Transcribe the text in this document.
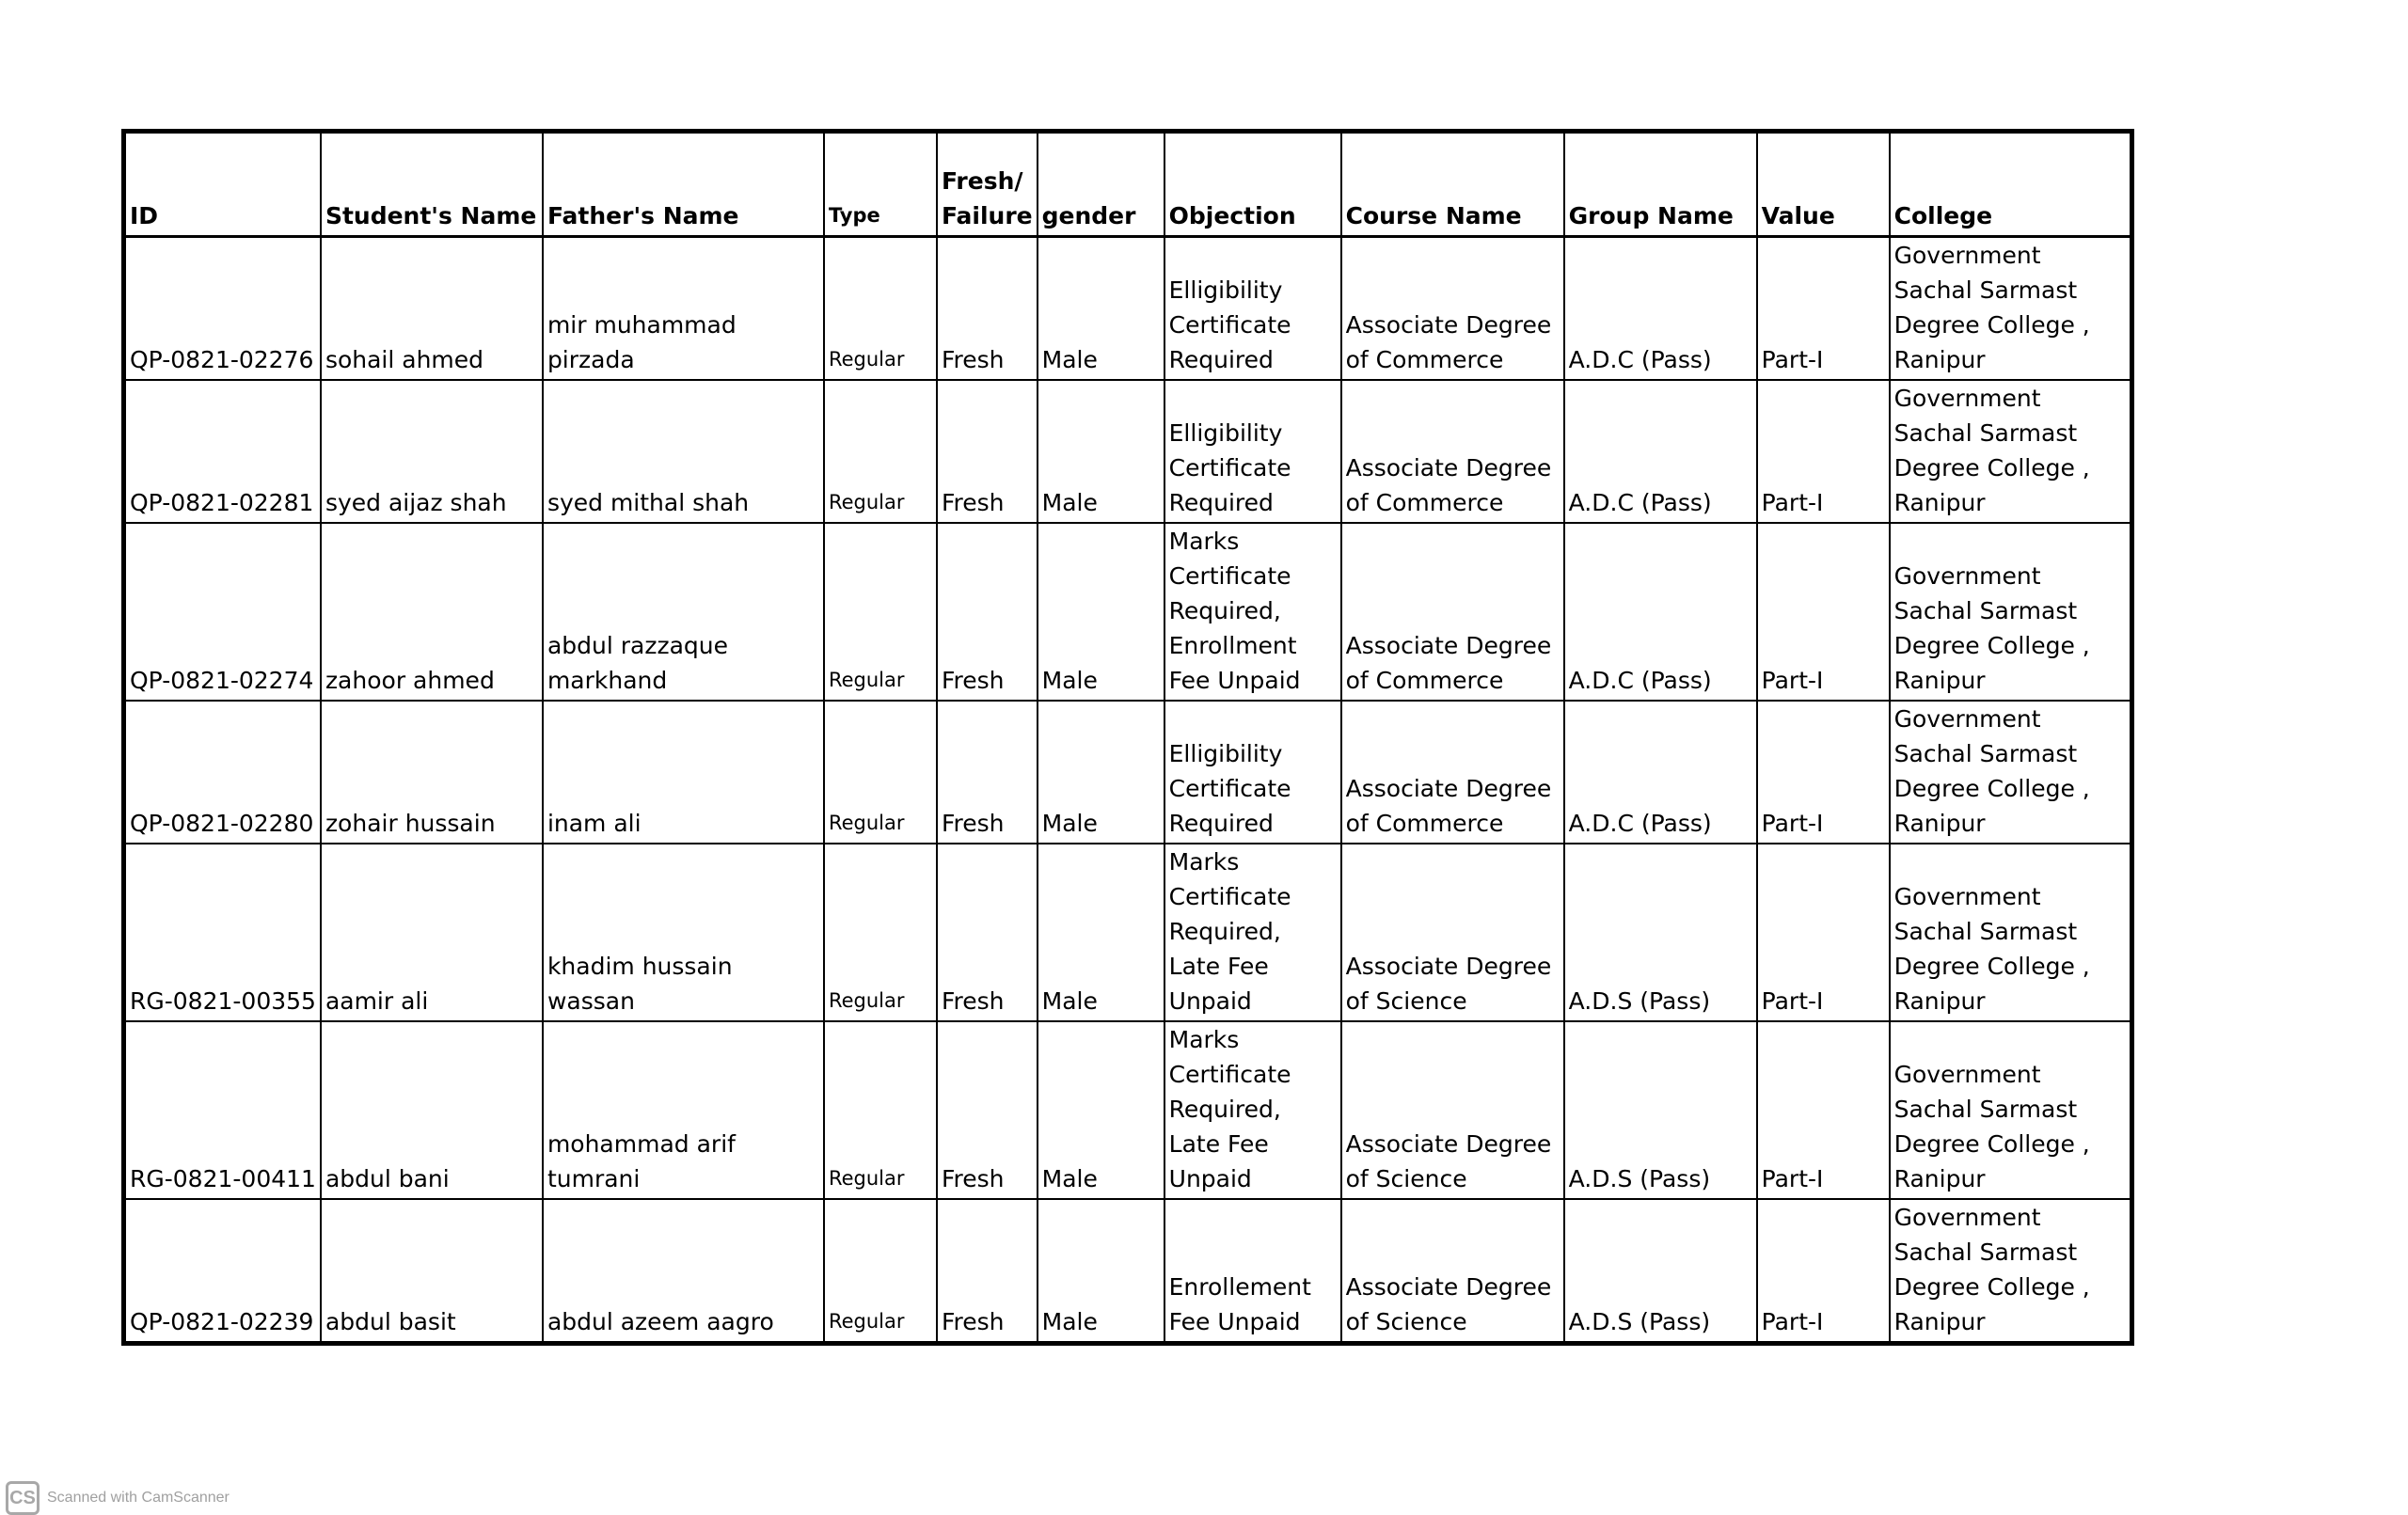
ID	Student's Name	Father's Name	Type	Fresh/ Failure	gender	Objection	Course Name	Group Name	Value	College
QP-0821-02276	sohail ahmed	mir muhammad pirzada	Regular	Fresh	Male	Elligibility Certificate Required	Associate Degree of Commerce	A.D.C (Pass)	Part-I	Government Sachal Sarmast Degree College , Ranipur
QP-0821-02281	syed aijaz shah	syed mithal shah	Regular	Fresh	Male	Elligibility Certificate Required	Associate Degree of Commerce	A.D.C (Pass)	Part-I	Government Sachal Sarmast Degree College , Ranipur
QP-0821-02274	zahoor ahmed	abdul razzaque markhand	Regular	Fresh	Male	Marks Certificate Required, Enrollment Fee Unpaid	Associate Degree of Commerce	A.D.C (Pass)	Part-I	Government Sachal Sarmast Degree College , Ranipur
QP-0821-02280	zohair hussain	inam ali	Regular	Fresh	Male	Elligibility Certificate Required	Associate Degree of Commerce	A.D.C (Pass)	Part-I	Government Sachal Sarmast Degree College , Ranipur
RG-0821-00355	aamir ali	khadim hussain wassan	Regular	Fresh	Male	Marks Certificate Required, Late Fee Unpaid	Associate Degree of Science	A.D.S (Pass)	Part-I	Government Sachal Sarmast Degree College , Ranipur
RG-0821-00411	abdul bani	mohammad arif tumrani	Regular	Fresh	Male	Marks Certificate Required, Late Fee Unpaid	Associate Degree of Science	A.D.S (Pass)	Part-I	Government Sachal Sarmast Degree College , Ranipur
QP-0821-02239	abdul basit	abdul azeem aagro	Regular	Fresh	Male	Enrollement Fee Unpaid	Associate Degree of Science	A.D.S (Pass)	Part-I	Government Sachal Sarmast Degree College , Ranipur
CS Scanned with CamScanner
